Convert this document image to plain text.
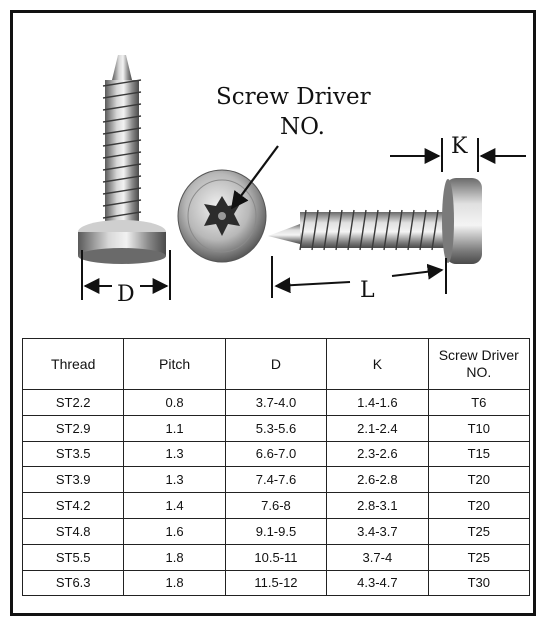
Screw Driver
NO.
D
K
L
Thread	Pitch	D	K	Screw Driver
NO.
ST2.2	0.8	3.7-4.0	1.4-1.6	T6
ST2.9	1.1	5.3-5.6	2.1-2.4	T10
ST3.5	1.3	6.6-7.0	2.3-2.6	T15
ST3.9	1.3	7.4-7.6	2.6-2.8	T20
ST4.2	1.4	7.6-8	2.8-3.1	T20
ST4.8	1.6	9.1-9.5	3.4-3.7	T25
ST5.5	1.8	10.5-11	3.7-4	T25
ST6.3	1.8	11.5-12	4.3-4.7	T30
